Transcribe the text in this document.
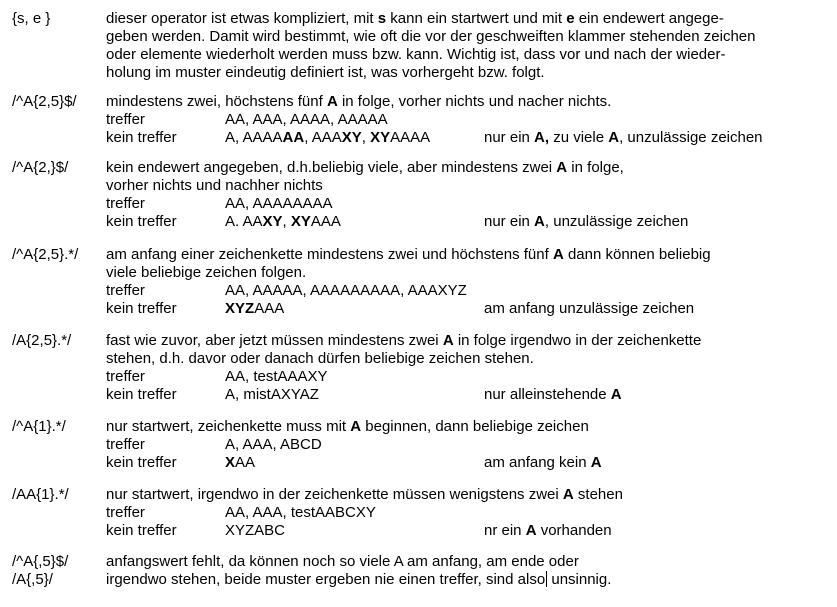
{s, e }	dieser operator ist etwas kompliziert, mit s kann ein startwert und mit e ein endewert angege-
geben werden. Damit wird bestimmt, wie oft die vor der geschweiften klammer stehenden zeichen
oder elemente wiederholt werden muss bzw. kann. Wichtig ist, dass vor und nach der wieder-
holung im muster eindeutig definiert ist, was vorhergeht bzw. folgt.
/^A{2,5}$/ mindestens zwei, höchstens fünf A in folge, vorher nichts und nacher nichts.
treffer	AA, AAA, AAAA, AAAAA
kein treffer	A, AAAAAA, AAAXY, XYAAAA	nur ein A, zu viele A, unzulässige zeichen
/^A{2,}$/	kein endewert angegeben, d.h.beliebig viele, aber mindestens zwei A in folge,
vorher nichts und nachher nichts
treffer	AA, AAAAAAAA
kein treffer	A. AAXY, XYAAA	nur ein A, unzulässige zeichen
/^A{2,5}.*/ am anfang einer zeichenkette mindestens zwei und höchstens fünf A dann können beliebig
viele beliebige zeichen folgen.
treffer	AA, AAAAA, AAAAAAAAA, AAAXYZ
kein treffer	XYZAAA	am anfang unzulässige zeichen
/A{2,5}.*/ fast wie zuvor, aber jetzt müssen mindestens zwei A in folge irgendwo in der zeichenkette
stehen, d.h. davor oder danach dürfen beliebige zeichen stehen.
treffer	AA, testAAAXY
kein treffer	A, mistAXYAZ	nur alleinstehende A
/^A{1}.*/	nur startwert, zeichenkette muss mit A beginnen, dann beliebige zeichen
treffer	A, AAA, ABCD
kein treffer	XAA	am anfang kein A
/AA{1}.*/ nur startwert, irgendwo in der zeichenkette müssen wenigstens zwei A stehen
treffer	AA, AAA, testAABCXY
kein treffer	XYZABC	nr ein A vorhanden
/^A{,5}$/
/A{,5}/
anfangswert fehlt, da können noch so viele A am anfang, am ende oder
irgendwo stehen, beide muster ergeben nie einen treffer, sind also unsinnig.
